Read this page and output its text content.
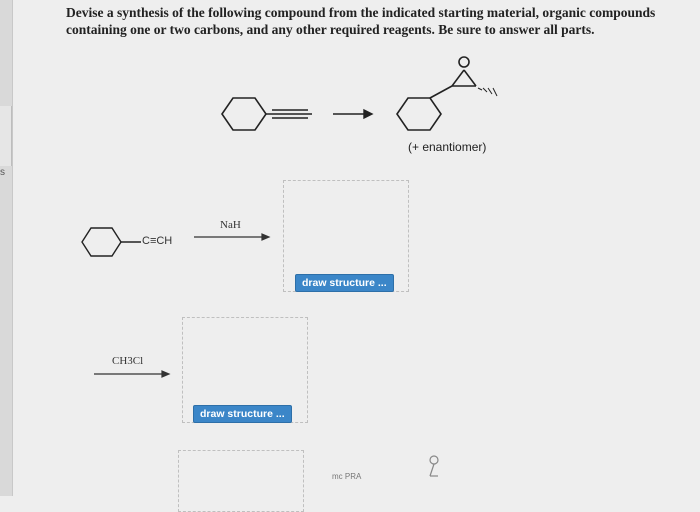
s
Devise a synthesis of the following compound from the indicated starting material, organic compounds containing one or two carbons, and any other required reagents. Be sure to answer all parts.
(+ enantiomer)
C≡CH
NaH
CH3Cl
draw structure ...
draw structure ...
mc PRA
